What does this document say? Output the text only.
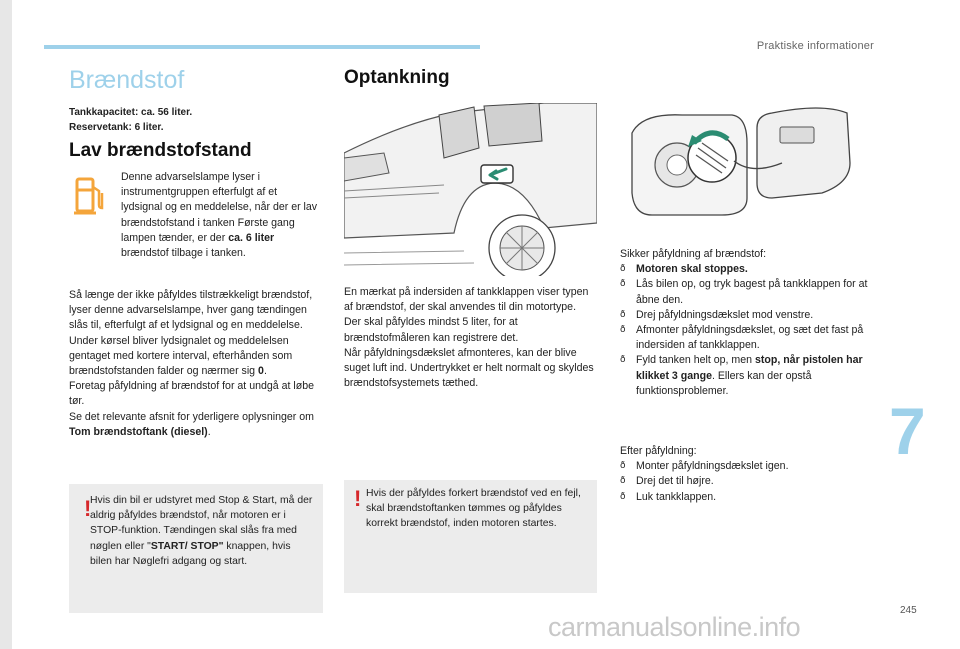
Praktiske informationer
7
245
carmanualsonline.info
Brændstof
Tankkapacitet: ca. 56 liter.
Reservetank: 6 liter.
Lav brændstofstand

Denne advarselslampe lyser i instrumentgruppen efterfulgt af et lydsignal og en meddelelse, når der er lav brændstofstand i tanken Første gang lampen tænder, er der ca. 6 liter brændstof tilbage i tanken.

Så længe der ikke påfyldes tilstrækkeligt brændstof, lyser denne advarselslampe, hver gang tændingen slås til, efterfulgt af et lydsignal og en meddelelse. Under kørsel bliver lydsignalet og meddelelsen gentaget med kortere interval, efterhånden som brændstofstanden falder og nærmer sig 0.

Foretag påfyldning af brændstof for at undgå at løbe tør.

Se det relevante afsnit for yderligere oplysninger om Tom brændstoftank (diesel).

!
Hvis din bil er udstyret med Stop & Start, må der aldrig påfyldes brændstof, når motoren er i STOP-funktion. Tændingen skal slås fra med nøglen eller "START/ STOP" knappen, hvis bilen har Nøglefri adgang og start.
Optankning

En mærkat på indersiden af tankklappen viser typen af brændstof, der skal anvendes til din motortype.

Der skal påfyldes mindst 5 liter, for at brændstofmåleren kan registrere det.

Når påfyldningsdækslet afmonteres, kan der blive suget luft ind. Undertrykket er helt normalt og skyldes brændstofsystemets tæthed.

! Hvis der påfyldes forkert brændstof ved en fejl, skal brændstoftanken tømmes og påfyldes korrekt brændstof, inden motoren startes.

Sikker påfyldning af brændstof:

ð Motoren skal stoppes.
ð Lås bilen op, og tryk bagest på tankklappen for at åbne den.
ð Drej påfyldningsdækslet mod venstre.
ð Afmonter påfyldningsdækslet, og sæt det fast på indersiden af tankklappen.
ð Fyld tanken helt op, men stop, når pistolen har klikket 3 gange. Ellers kan der opstå funktionsproblemer.

Efter påfyldning:

ð Monter påfyldningsdækslet igen.
ð Drej det til højre.
ð Luk tankklappen.
